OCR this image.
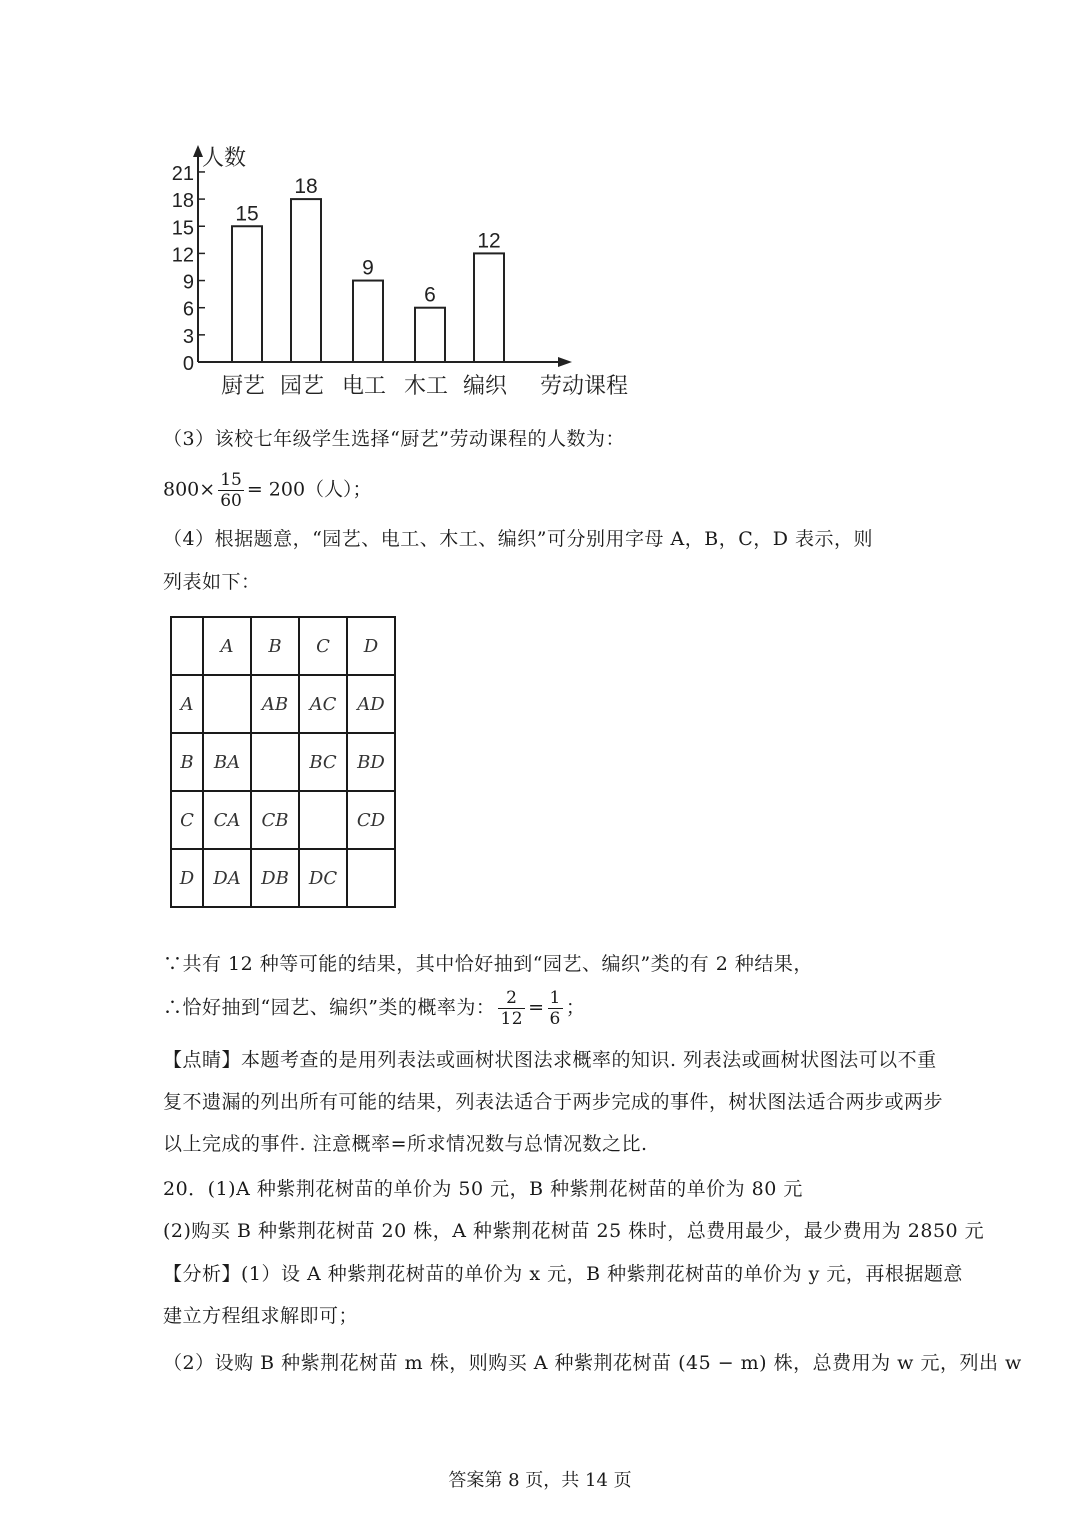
人数
劳动课程
0
3
6
9
12
15
18
21
15
厨艺
18
园艺
9
电工
6
木工
12
编织
（3）该校七年级学生选择“厨艺”劳动课程的人数为：
$800\times \frac{15}{60} = 200$（人）；
（4）根据题意，“园艺、电工、木工、编织”可分别用字母 A，B，C，D 表示，则
列表如下：
	A	B	C	D
A		AB	AC	AD
B	BA		BC	BD
C	CA	CB		CD
D	DA	DB	DC	
∵共有 12 种等可能的结果，其中恰好抽到“园艺、编织”类的有 2 种结果，
∴恰好抽到“园艺、编织”类的概率为： $\frac{2}{12} = \frac{1}{6}$ ；
【点睛】本题考查的是用列表法或画树状图法求概率的知识. 列表法或画树状图法可以不重
复不遗漏的列出所有可能的结果，列表法适合于两步完成的事件，树状图法适合两步或两步
以上完成的事件. 注意概率=所求情况数与总情况数之比.
20．(1)A 种紫荆花树苗的单价为 50 元，B 种紫荆花树苗的单价为 80 元
(2)购买 B 种紫荆花树苗 20 株，A 种紫荆花树苗 25 株时，总费用最少，最少费用为 2850 元
【分析】(1）设 A 种紫荆花树苗的单价为 x 元，B 种紫荆花树苗的单价为 y 元，再根据题意
建立方程组求解即可；
（2）设购 B 种紫荆花树苗 m 株，则购买 A 种紫荆花树苗 (45 − m) 株，总费用为 w 元，列出 w
答案第 8 页，共 14 页
